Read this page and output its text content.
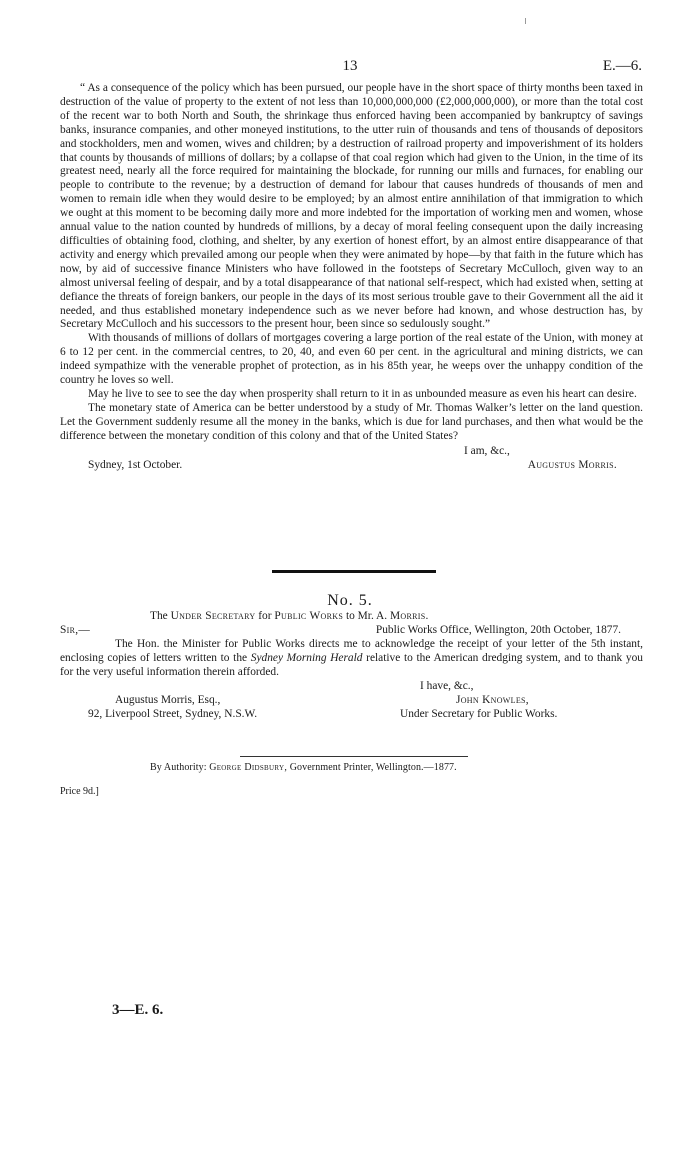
13	E.—6.

“ As a consequence of the policy which has been pursued, our people have in the short space of thirty months been taxed in destruction of the value of property to the extent of not less than 10,000,000,000 (£2,000,000,000), or more than the total cost of the recent war to both North and South, the shrinkage thus enforced having been accompanied by bankruptcy of savings banks, insurance companies, and other moneyed institutions, to the utter ruin of thousands and tens of thousands of depositors and stockholders, men and women, wives and children; by a destruction of railroad property and impoverishment of its holders that counts by thousands of millions of dollars; by a collapse of that coal region which had given to the Union, in the time of its greatest need, nearly all the force required for maintaining the blockade, for running our mills and furnaces, for enabling our people to contribute to the revenue; by a destruction of demand for labour that causes hundreds of thousands of men and women to remain idle when they would desire to be employed; by an almost entire annihilation of that immigration to which we ought at this moment to be becoming daily more and more indebted for the importation of working men and women, whose annual value to the nation counted by hundreds of millions, by a decay of moral feeling consequent upon the daily increasing difficulties of obtaining food, clothing, and shelter, by any exertion of honest effort, by an almost entire disappearance of that activity and energy which prevailed among our people when they were animated by hope—by that faith in the future which has now, by aid of successive finance Ministers who have followed in the footsteps of Secretary McCulloch, given way to an almost universal feeling of despair, and by a total disappearance of that national self-respect, which had existed when, setting at defiance the threats of foreign bankers, our people in the days of its most serious trouble gave to their Government all the aid it needed, and thus established monetary independence such as we never before had known, and whose destruction has, by Secretary McCulloch and his successors to the present hour, been since so sedulously sought.”

With thousands of millions of dollars of mortgages covering a large portion of the real estate of the Union, with money at 6 to 12 per cent. in the commercial centres, to 20, 40, and even 60 per cent. in the agricultural and mining districts, we can indeed sympathize with the venerable prophet of protection, as in his 85th year, he weeps over the unhappy condition of the country he loves so well.

May he live to see to see the day when prosperity shall return to it in as unbounded measure as even his heart can desire.

The monetary state of America can be better understood by a study of Mr. Thomas Walker’s letter on the land question. Let the Government suddenly resume all the money in the banks, which is due for land purchases, and then what would be the difference between the monetary condition of this colony and that of the United States?

I am, &c.,
Sydney, 1st October.	Augustus Morris.
No. 5.
The Under Secretary for Public Works to Mr. A. Morris.
Sir,—	Public Works Office, Wellington, 20th October, 1877.

The Hon. the Minister for Public Works directs me to acknowledge the receipt of your letter of the 5th instant, enclosing copies of letters written to the Sydney Morning Herald relative to the American dredging system, and to thank you for the very useful information therein afforded.

I have, &c.,
Augustus Morris, Esq.,	John Knowles,
92, Liverpool Street, Sydney, N.S.W.	Under Secretary for Public Works.
By Authority: George Didsbury, Government Printer, Wellington.—1877.
Price 9d.]
3—E. 6.
